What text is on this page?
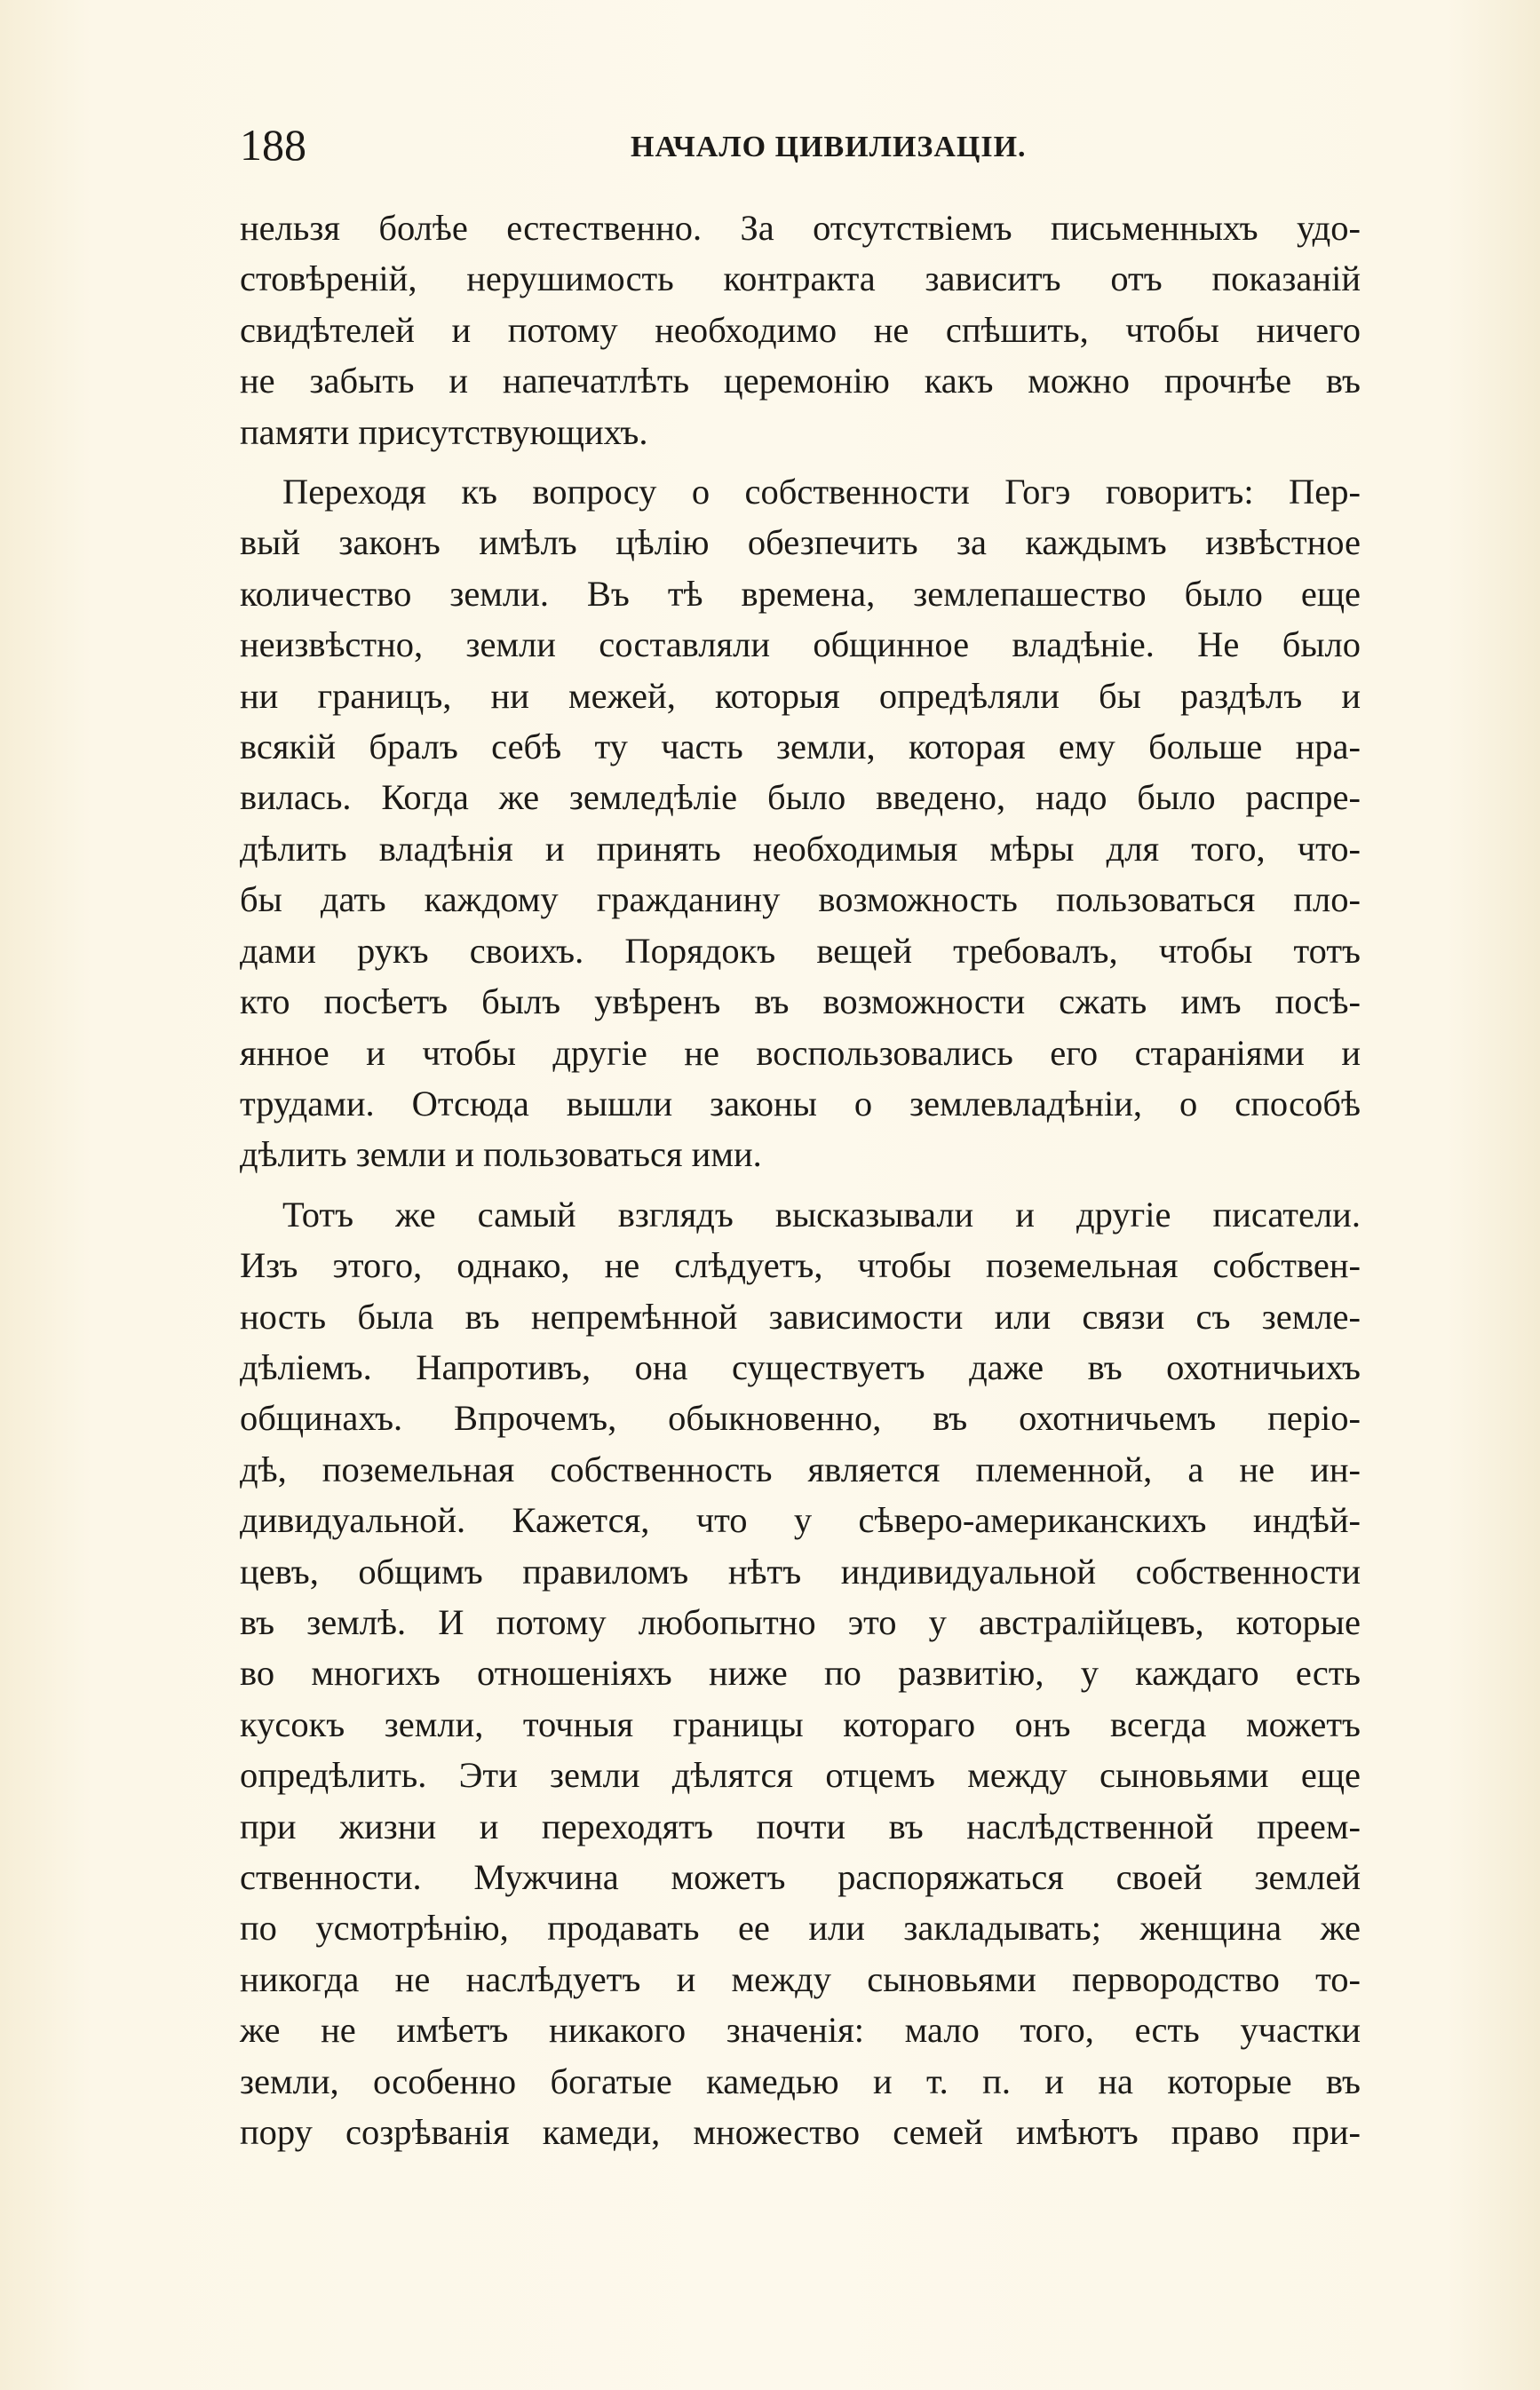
188	НАЧАЛО ЦИВИЛИЗАЦІИ.

нельзя болѣе естественно. За отсутствіемъ письменныхъ удо-
стовѣреній, нерушимость контракта зависитъ отъ показаній
свидѣтелей и потому необходимо не спѣшить, чтобы ничего
не забыть и напечатлѣть церемонію какъ можно прочнѣе въ
памяти присутствующихъ.

Переходя къ вопросу о собственности Гогэ говоритъ: Пер-
вый законъ имѣлъ цѣлію обезпечить за каждымъ извѣстное
количество земли. Въ тѣ времена, землепашество было еще
неизвѣстно, земли составляли общинное владѣніе. Не было
ни границъ, ни межей, которыя опредѣляли бы раздѣлъ и
всякій бралъ себѣ ту часть земли, которая ему больше нра-
вилась. Когда же земледѣліе было введено, надо было распре-
дѣлить владѣнія и принять необходимыя мѣры для того, что-
бы дать каждому гражданину возможность пользоваться пло-
дами рукъ своихъ. Порядокъ вещей требовалъ, чтобы тотъ
кто посѣетъ былъ увѣренъ въ возможности сжать имъ посѣ-
янное и чтобы другіе не воспользовались его стараніями и
трудами. Отсюда вышли законы о землевладѣніи, о способѣ
дѣлить земли и пользоваться ими.

Тотъ же самый взглядъ высказывали и другіе писатели.
Изъ этого, однако, не слѣдуетъ, чтобы поземельная собствен-
ность была въ непремѣнной зависимости или связи съ земле-
дѣліемъ. Напротивъ, она существуетъ даже въ охотничьихъ
общинахъ. Впрочемъ, обыкновенно, въ охотничьемъ періо-
дѣ, поземельная собственность является племенной, а не ин-
дивидуальной. Кажется, что у сѣверо-американскихъ индѣй-
цевъ, общимъ правиломъ нѣтъ индивидуальной собственности
въ землѣ. И потому любопытно это у австралійцевъ, которые
во многихъ отношеніяхъ ниже по развитію, у каждаго есть
кусокъ земли, точныя границы котораго онъ всегда можетъ
опредѣлить. Эти земли дѣлятся отцемъ между сыновьями еще
при жизни и переходятъ почти въ наслѣдственной преем-
ственности. Мужчина можетъ распоряжаться своей землей
по усмотрѣнію, продавать ее или закладывать; женщина же
никогда не наслѣдуетъ и между сыновьями первородство то-
же не имѣетъ никакого значенія: мало того, есть участки
земли, особенно богатые камедью и т. п. и на которые въ
пору созрѣванія камеди, множество семей имѣютъ право при-
